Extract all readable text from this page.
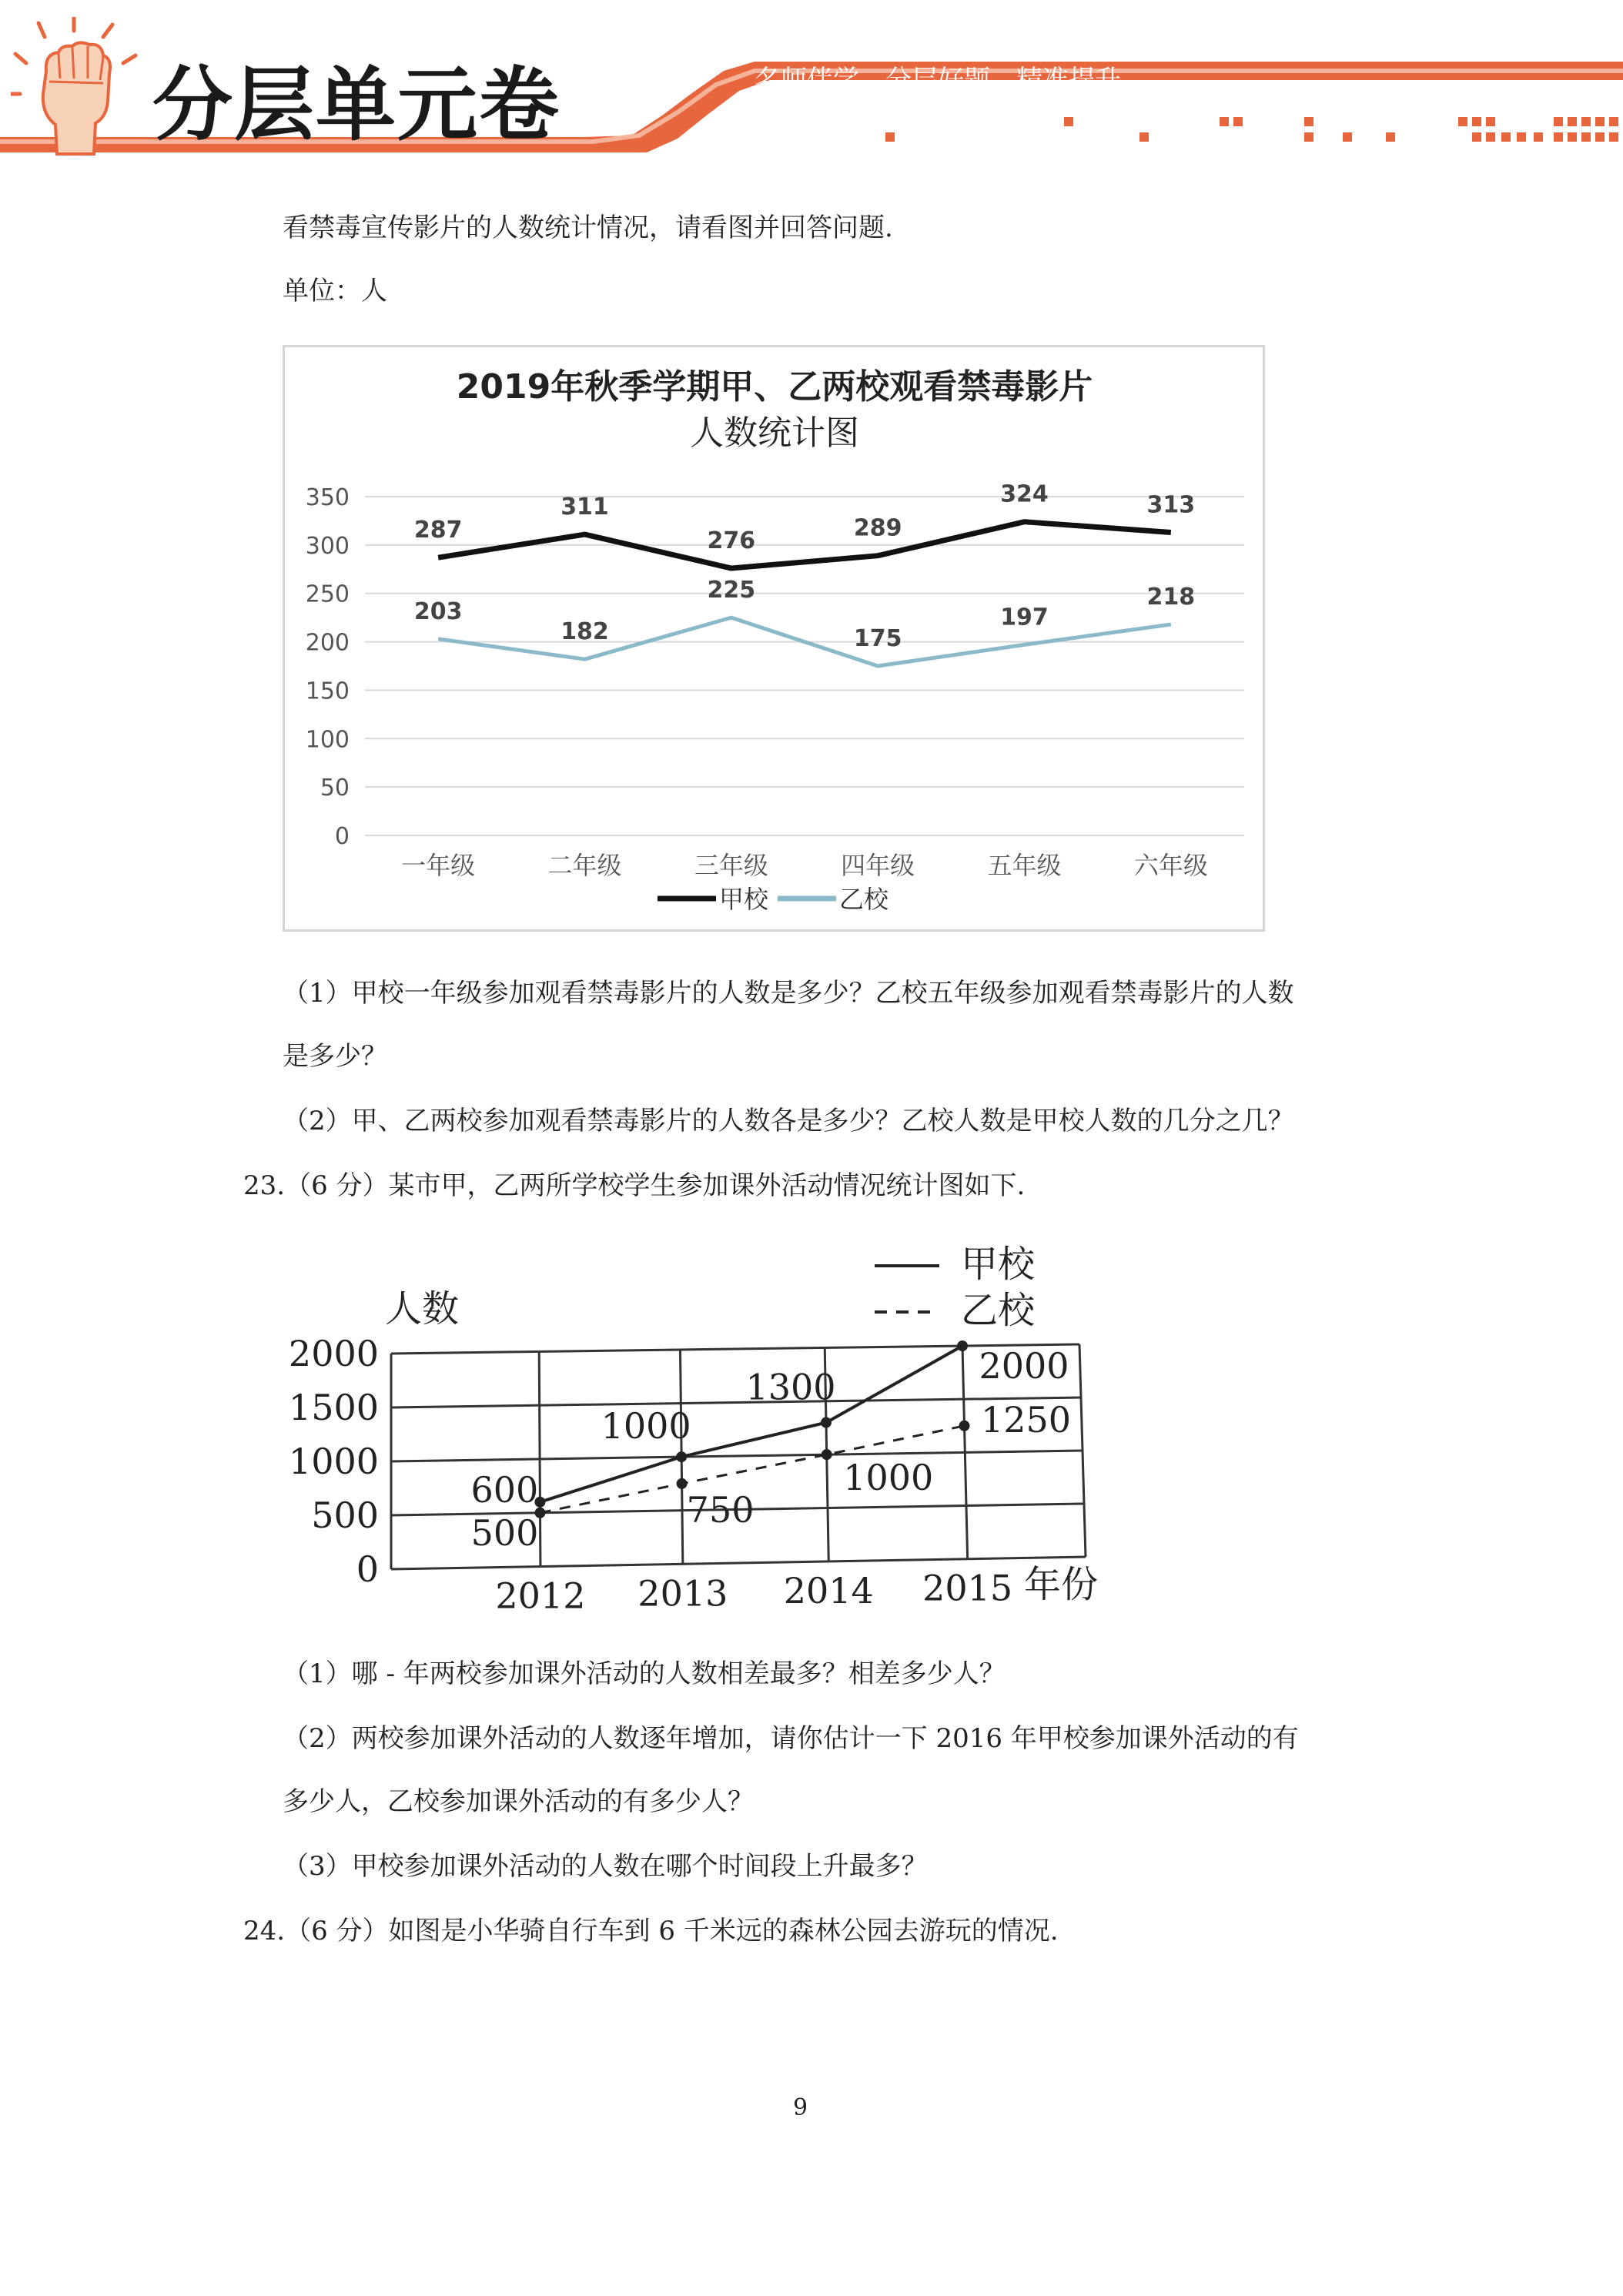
分层单元卷	名师伴学　分层好题　精准提升
看禁毒宣传影片的人数统计情况，请看图并回答问题.
单位：人
2019年秋季学期甲、乙两校观看禁毒影片
人数统计图
0
50
100
150
200
250
300
350
一年级	二年级	三年级	四年级	五年级	六年级
287
311
276	289
324	313
203
182
225
175
197
218
甲校	乙校
（1）甲校一年级参加观看禁毒影片的人数是多少？乙校五年级参加观看禁毒影片的人数
是多少？
（2）甲、乙两校参加观看禁毒影片的人数各是多少？乙校人数是甲校人数的几分之几？
23.（6 分）某市甲，乙两所学校学生参加课外活动情况统计图如下.
甲校
乙校
人数
年份
0
500
1000
1500
2000
2012 2013 2014 2015
600
1000
1300
2000
500
750
1000
1250
（1）哪 - 年两校参加课外活动的人数相差最多？相差多少人？
（2）两校参加课外活动的人数逐年增加，请你估计一下 2016 年甲校参加课外活动的有
多少人，乙校参加课外活动的有多少人？
（3）甲校参加课外活动的人数在哪个时间段上升最多？
24.（6 分）如图是小华骑自行车到 6 千米远的森林公园去游玩的情况.
9
